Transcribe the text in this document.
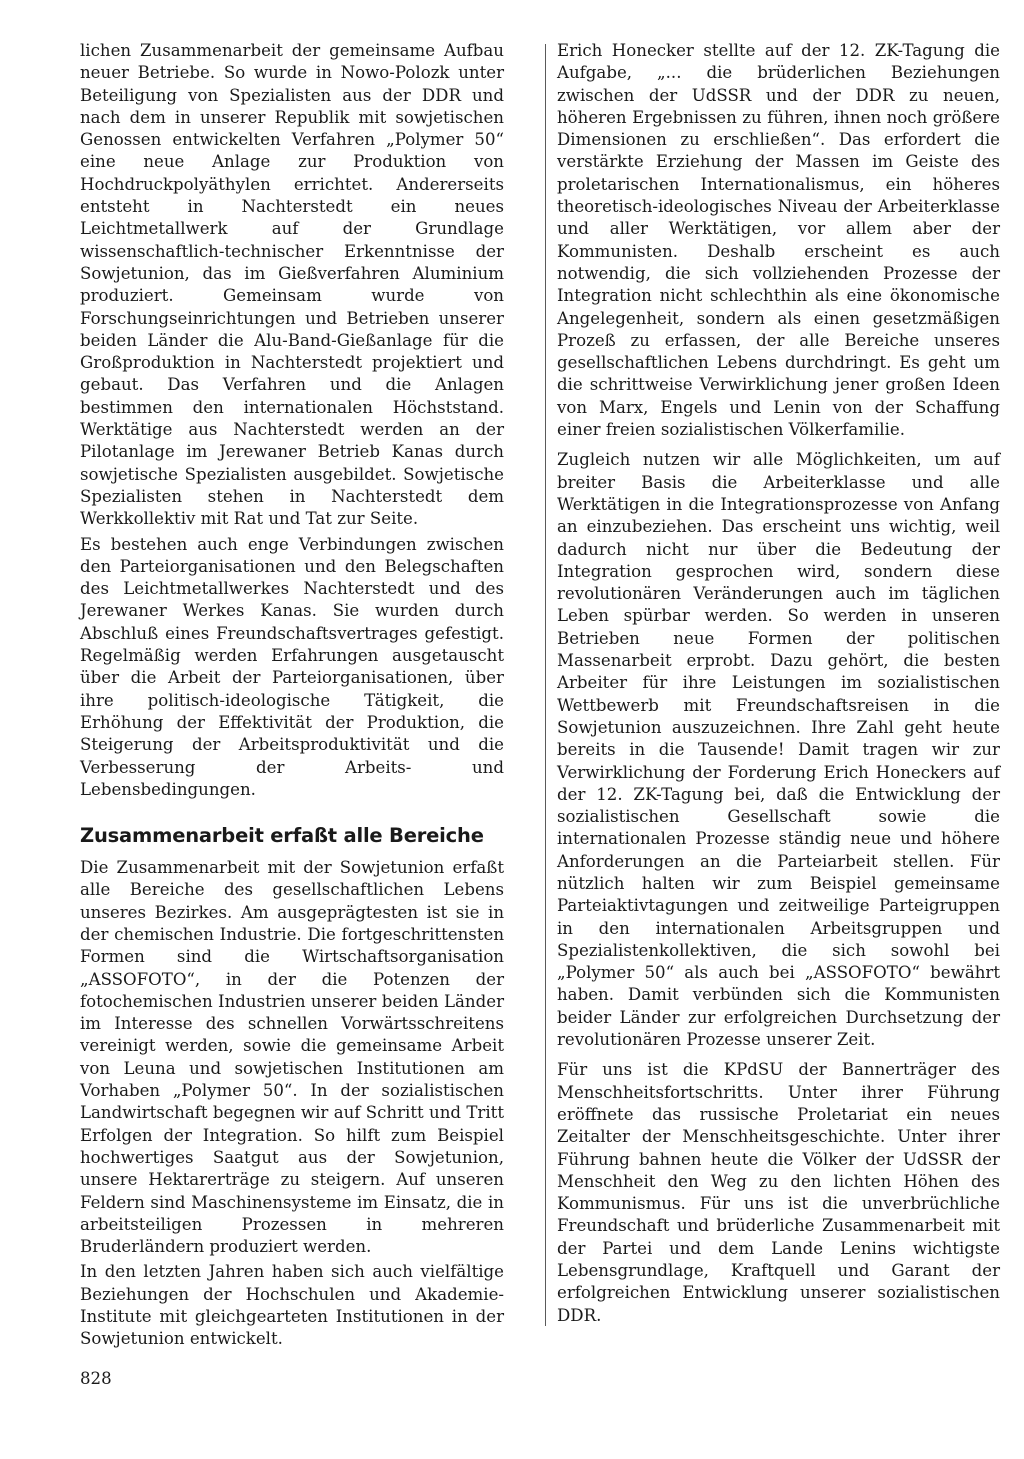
lichen Zusammenarbeit der gemeinsame Aufbau neuer Betriebe. So wurde in Nowo-Polozk unter Beteiligung von Spezialisten aus der DDR und nach dem in unserer Republik mit sowjetischen Genossen entwickelten Verfahren „Polymer 50“ eine neue Anlage zur Produktion von Hochdruckpolyäthylen errichtet. Andererseits entsteht in Nachterstedt ein neues Leichtmetallwerk auf der Grundlage wissenschaftlich-technischer Erkenntnisse der Sowjetunion, das im Gießverfahren Aluminium produziert. Gemeinsam wurde von Forschungseinrichtungen und Betrieben unserer beiden Länder die Alu-Band-Gießanlage für die Großproduktion in Nachterstedt projektiert und gebaut. Das Verfahren und die Anlagen bestimmen den internationalen Höchststand. Werktätige aus Nachterstedt werden an der Pilotanlage im Jerewaner Betrieb Kanas durch sowjetische Spezialisten ausgebildet. Sowjetische Spezialisten stehen in Nachterstedt dem Werkkollektiv mit Rat und Tat zur Seite.

Es bestehen auch enge Verbindungen zwischen den Parteiorganisationen und den Belegschaften des Leichtmetallwerkes Nachterstedt und des Jerewaner Werkes Kanas. Sie wurden durch Abschluß eines Freundschaftsvertrages gefestigt. Regelmäßig werden Erfahrungen ausgetauscht über die Arbeit der Parteiorganisationen, über ihre politisch-ideologische Tätigkeit, die Erhöhung der Effektivität der Produktion, die Steigerung der Arbeitsproduktivität und die Verbesserung der Arbeits- und Lebensbedingungen.

Zusammenarbeit erfaßt alle Bereiche

Die Zusammenarbeit mit der Sowjetunion erfaßt alle Bereiche des gesellschaftlichen Lebens unseres Bezirkes. Am ausgeprägtesten ist sie in der chemischen Industrie. Die fortgeschrittensten Formen sind die Wirtschaftsorganisation „ASSOFOTO“, in der die Potenzen der fotochemischen Industrien unserer beiden Länder im Interesse des schnellen Vorwärtsschreitens vereinigt werden, sowie die gemeinsame Arbeit von Leuna und sowjetischen Institutionen am Vorhaben „Polymer 50“. In der sozialistischen Landwirtschaft begegnen wir auf Schritt und Tritt Erfolgen der Integration. So hilft zum Beispiel hochwertiges Saatgut aus der Sowjetunion, unsere Hektarerträge zu steigern. Auf unseren Feldern sind Maschinensysteme im Einsatz, die in arbeitsteiligen Prozessen in mehreren Bruderländern produziert werden.

In den letzten Jahren haben sich auch vielfältige Beziehungen der Hochschulen und Akademie-Institute mit gleichgearteten Institutionen in der Sowjetunion entwickelt.

Erich Honecker stellte auf der 12. ZK-Tagung die Aufgabe, „... die brüderlichen Beziehungen zwischen der UdSSR und der DDR zu neuen, höheren Ergebnissen zu führen, ihnen noch größere Dimensionen zu erschließen“. Das erfordert die verstärkte Erziehung der Massen im Geiste des proletarischen Internationalismus, ein höheres theoretisch-ideologisches Niveau der Arbeiterklasse und aller Werktätigen, vor allem aber der Kommunisten. Deshalb erscheint es auch notwendig, die sich vollziehenden Prozesse der Integration nicht schlechthin als eine ökonomische Angelegenheit, sondern als einen gesetzmäßigen Prozeß zu erfassen, der alle Bereiche unseres gesellschaftlichen Lebens durchdringt. Es geht um die schrittweise Verwirklichung jener großen Ideen von Marx, Engels und Lenin von der Schaffung einer freien sozialistischen Völkerfamilie.

Zugleich nutzen wir alle Möglichkeiten, um auf breiter Basis die Arbeiterklasse und alle Werktätigen in die Integrationsprozesse von Anfang an einzubeziehen. Das erscheint uns wichtig, weil dadurch nicht nur über die Bedeutung der Integration gesprochen wird, sondern diese revolutionären Veränderungen auch im täglichen Leben spürbar werden. So werden in unseren Betrieben neue Formen der politischen Massenarbeit erprobt. Dazu gehört, die besten Arbeiter für ihre Leistungen im sozialistischen Wettbewerb mit Freundschaftsreisen in die Sowjetunion auszuzeichnen. Ihre Zahl geht heute bereits in die Tausende! Damit tragen wir zur Verwirklichung der Forderung Erich Honeckers auf der 12. ZK-Tagung bei, daß die Entwicklung der sozialistischen Gesellschaft sowie die internationalen Prozesse ständig neue und höhere Anforderungen an die Parteiarbeit stellen. Für nützlich halten wir zum Beispiel gemeinsame Parteiaktivtagungen und zeitweilige Parteigruppen in den internationalen Arbeitsgruppen und Spezialistenkollektiven, die sich sowohl bei „Polymer 50“ als auch bei „ASSOFOTO“ bewährt haben. Damit verbünden sich die Kommunisten beider Länder zur erfolgreichen Durchsetzung der revolutionären Prozesse unserer Zeit.

Für uns ist die KPdSU der Bannerträger des Menschheitsfortschritts. Unter ihrer Führung eröffnete das russische Proletariat ein neues Zeitalter der Menschheitsgeschichte. Unter ihrer Führung bahnen heute die Völker der UdSSR der Menschheit den Weg zu den lichten Höhen des Kommunismus. Für uns ist die unverbrüchliche Freundschaft und brüderliche Zusammenarbeit mit der Partei und dem Lande Lenins wichtigste Lebensgrundlage, Kraftquell und Garant der erfolgreichen Entwicklung unserer sozialistischen DDR.

828
